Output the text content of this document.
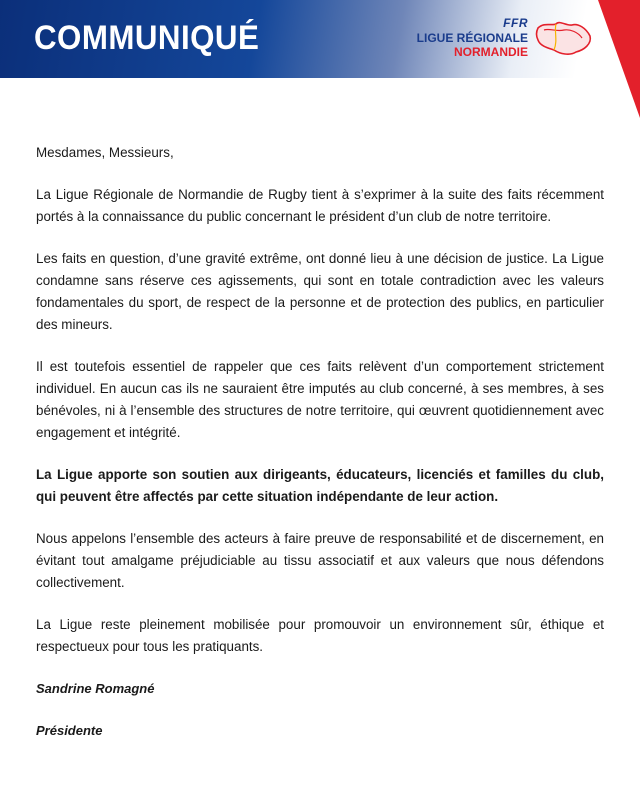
COMMUNIQUÉ	FFR
LIGUE RÉGIONALE
NORMANDIE

Mesdames, Messieurs,

La Ligue Régionale de Normandie de Rugby tient à s’exprimer à la suite des faits récemment portés à la connaissance du public concernant le président d’un club de notre territoire.

Les faits en question, d’une gravité extrême, ont donné lieu à une décision de justice. La Ligue condamne sans réserve ces agissements, qui sont en totale contradiction avec les valeurs fondamentales du sport, de respect de la personne et de protection des publics, en particulier des mineurs.

Il est toutefois essentiel de rappeler que ces faits relèvent d’un comportement strictement individuel. En aucun cas ils ne sauraient être imputés au club concerné, à ses membres, à ses bénévoles, ni à l’ensemble des structures de notre territoire, qui œuvrent quotidiennement avec engagement et intégrité.

La Ligue apporte son soutien aux dirigeants, éducateurs, licenciés et familles du club, qui peuvent être affectés par cette situation indépendante de leur action.

Nous appelons l’ensemble des acteurs à faire preuve de responsabilité et de discernement, en évitant tout amalgame préjudiciable au tissu associatif et aux valeurs que nous défendons collectivement.

La Ligue reste pleinement mobilisée pour promouvoir un environnement sûr, éthique et respectueux pour tous les pratiquants.

Sandrine Romagné

Présidente
